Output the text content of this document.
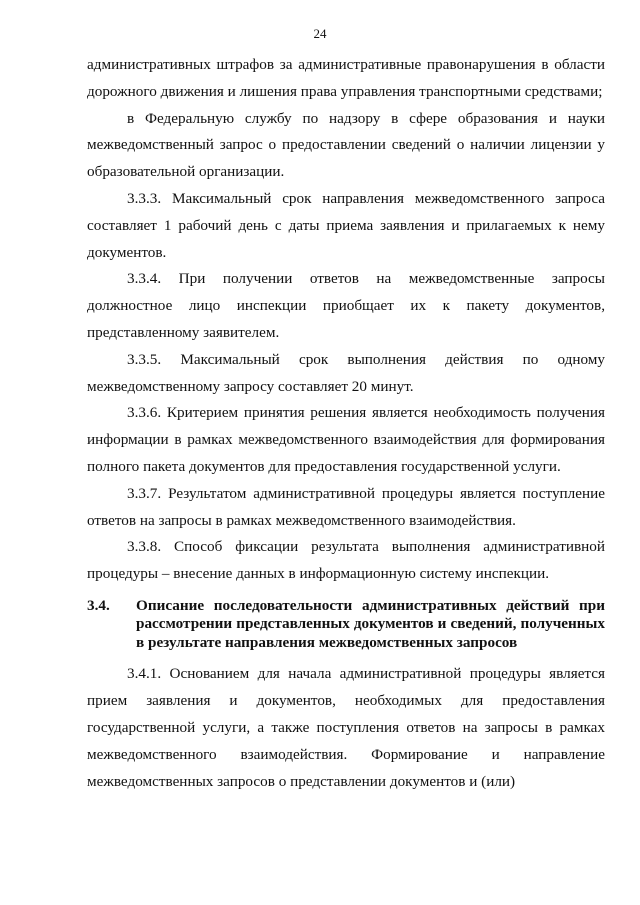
24

административных штрафов за административные правонарушения в области дорожного движения и лишения права управления транспортными средствами;

в Федеральную службу по надзору в сфере образования и науки межведомственный запрос о предоставлении сведений о наличии лицензии у образовательной организации.

3.3.3. Максимальный срок направления межведомственного запроса составляет 1 рабочий день с даты приема заявления и прилагаемых к нему документов.

3.3.4. При получении ответов на межведомственные запросы должностное лицо инспекции приобщает их к пакету документов, представленному заявителем.

3.3.5. Максимальный срок выполнения действия по одному межведомственному запросу составляет 20 минут.

3.3.6. Критерием принятия решения является необходимость получения информации в рамках межведомственного взаимодействия для формирования полного пакета документов для предоставления государственной услуги.

3.3.7. Результатом административной процедуры является поступление ответов на запросы в рамках межведомственного взаимодействия.

3.3.8. Способ фиксации результата выполнения административной процедуры – внесение данных в информационную систему инспекции.

3.4.	Описание последовательности административных действий при рассмотрении представленных документов и сведений, полученных в результате направления межведомственных запросов

3.4.1. Основанием для начала административной процедуры является прием заявления и документов, необходимых для предоставления государственной услуги, а также поступления ответов на запросы в рамках межведомственного взаимодействия. Формирование и направление межведомственных запросов о представлении документов и (или)
